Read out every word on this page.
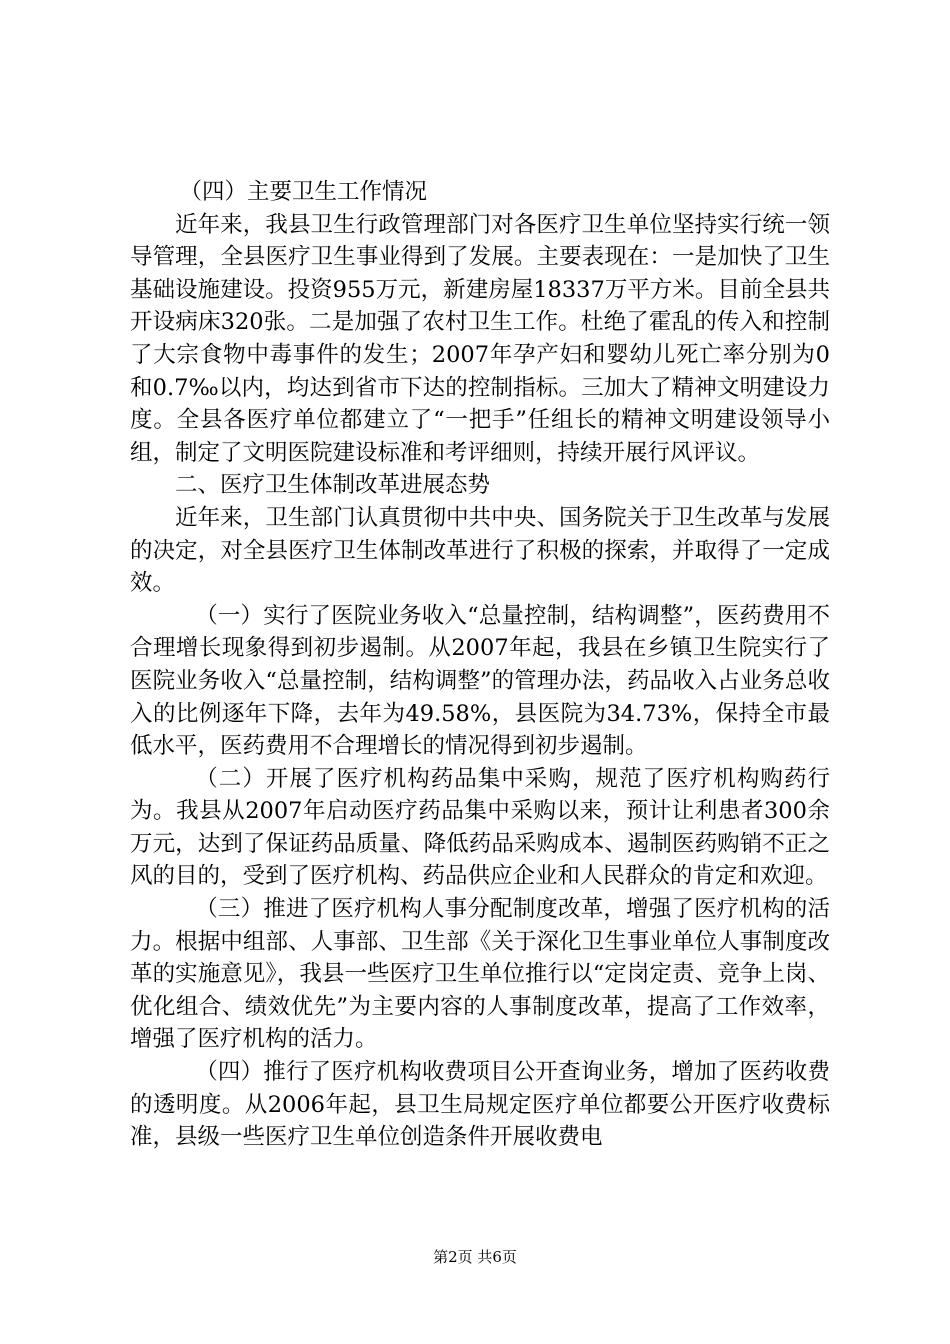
（四）主要卫生工作情况

近年来，我县卫生行政管理部门对各医疗卫生单位坚持实行统一领导管理，全县医疗卫生事业得到了发展。主要表现在：一是加快了卫生基础设施建设。投资955万元，新建房屋18337万平方米。目前全县共开设病床320张。二是加强了农村卫生工作。杜绝了霍乱的传入和控制了大宗食物中毒事件的发生；2007年孕产妇和婴幼儿死亡率分别为0和0.7‰以内，均达到省市下达的控制指标。三加大了精神文明建设力度。全县各医疗单位都建立了“一把手”任组长的精神文明建设领导小组，制定了文明医院建设标准和考评细则，持续开展行风评议。

二、医疗卫生体制改革进展态势

近年来，卫生部门认真贯彻中共中央、国务院关于卫生改革与发展的决定，对全县医疗卫生体制改革进行了积极的探索，并取得了一定成效。

（一）实行了医院业务收入“总量控制，结构调整”，医药费用不合理增长现象得到初步遏制。从2007年起，我县在乡镇卫生院实行了医院业务收入“总量控制，结构调整”的管理办法，药品收入占业务总收入的比例逐年下降，去年为49.58%，县医院为34.73%，保持全市最低水平，医药费用不合理增长的情况得到初步遏制。

（二）开展了医疗机构药品集中采购，规范了医疗机构购药行为。我县从2007年启动医疗药品集中采购以来，预计让利患者300余万元，达到了保证药品质量、降低药品采购成本、遏制医药购销不正之风的目的，受到了医疗机构、药品供应企业和人民群众的肯定和欢迎。

（三）推进了医疗机构人事分配制度改革，增强了医疗机构的活力。根据中组部、人事部、卫生部《关于深化卫生事业单位人事制度改革的实施意见》，我县一些医疗卫生单位推行以“定岗定责、竞争上岗、优化组合、绩效优先”为主要内容的人事制度改革，提高了工作效率，增强了医疗机构的活力。

（四）推行了医疗机构收费项目公开查询业务，增加了医药收费的透明度。从2006年起，县卫生局规定医疗单位都要公开医疗收费标准，县级一些医疗卫生单位创造条件开展收费电

第2页 共6页
